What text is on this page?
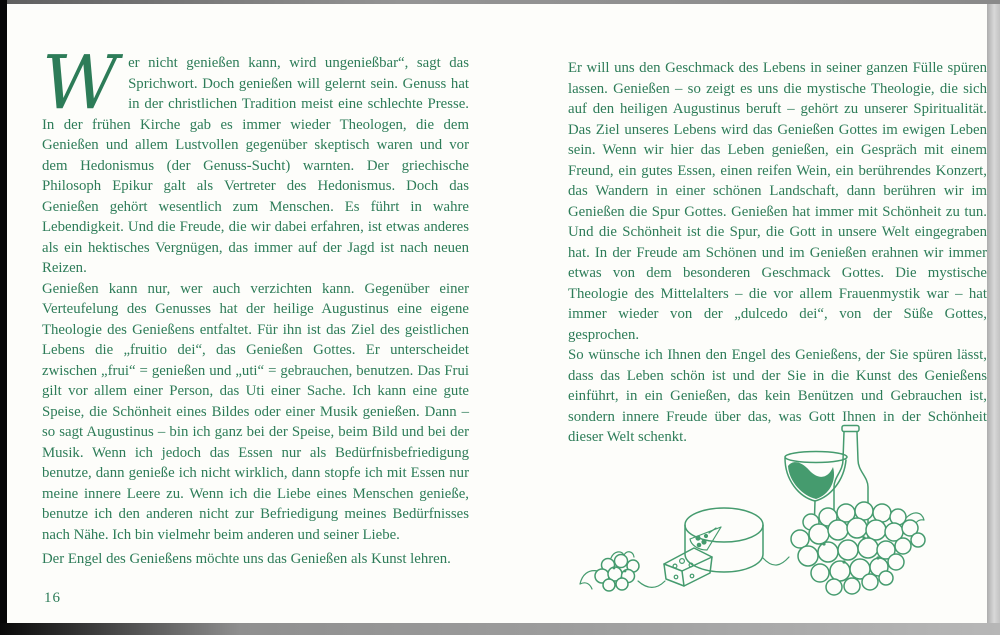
Wer nicht genießen kann, wird ungenießbar“, sagt das Sprichwort. Doch genießen will gelernt sein. Genuss hat in der christlichen Tradition meist eine schlechte Presse. In der frühen Kirche gab es immer wieder Theologen, die dem Genießen und allem Lustvollen gegenüber skeptisch waren und vor dem Hedonismus (der Genuss-Sucht) warnten. Der griechische Philosoph Epikur galt als Vertreter des Hedonismus. Doch das Genießen gehört wesentlich zum Menschen. Es führt in wahre Lebendigkeit. Und die Freude, die wir dabei erfahren, ist etwas anderes als ein hektisches Vergnügen, das immer auf der Jagd ist nach neuen Reizen.

Genießen kann nur, wer auch verzichten kann. Gegenüber einer Verteufelung des Genusses hat der heilige Augustinus eine eigene Theologie des Genießens entfaltet. Für ihn ist das Ziel des geistlichen Lebens die „fruitio dei“, das Genießen Gottes. Er unterscheidet zwischen „frui“ = genießen und „uti“ = gebrauchen, benutzen. Das Frui gilt vor allem einer Person, das Uti einer Sache. Ich kann eine gute Speise, die Schönheit eines Bildes oder einer Musik genießen. Dann – so sagt Augustinus – bin ich ganz bei der Speise, beim Bild und bei der Musik. Wenn ich jedoch das Essen nur als Bedürfnisbefriedigung benutze, dann genieße ich nicht wirklich, dann stopfe ich mit Essen nur meine innere Leere zu. Wenn ich die Liebe eines Menschen genieße, benutze ich den anderen nicht zur Befriedigung meines Bedürfnisses nach Nähe. Ich bin vielmehr beim anderen und seiner Liebe.

Der Engel des Genießens möchte uns das Genießen als Kunst lehren.

16

Er will uns den Geschmack des Lebens in seiner ganzen Fülle spüren lassen. Genießen – so zeigt es uns die mystische Theologie, die sich auf den heiligen Augustinus beruft – gehört zu unserer Spiritualität. Das Ziel unseres Lebens wird das Genießen Gottes im ewigen Leben sein. Wenn wir hier das Leben genießen, ein Gespräch mit einem Freund, ein gutes Essen, einen reifen Wein, ein berührendes Konzert, das Wandern in einer schönen Landschaft, dann berühren wir im Genießen die Spur Gottes. Genießen hat immer mit Schönheit zu tun. Und die Schönheit ist die Spur, die Gott in unsere Welt eingegraben hat. In der Freude am Schönen und im Genießen erahnen wir immer etwas von dem besonderen Geschmack Gottes. Die mystische Theologie des Mittelalters – die vor allem Frauenmystik war – hat immer wieder von der „dulcedo dei“, von der Süße Gottes, gesprochen.

So wünsche ich Ihnen den Engel des Genießens, der Sie spüren lässt, dass das Leben schön ist und der Sie in die Kunst des Genießens einführt, in ein Genießen, das kein Benützen und Gebrauchen ist, sondern innere Freude über das, was Gott Ihnen in der Schönheit dieser Welt schenkt.
